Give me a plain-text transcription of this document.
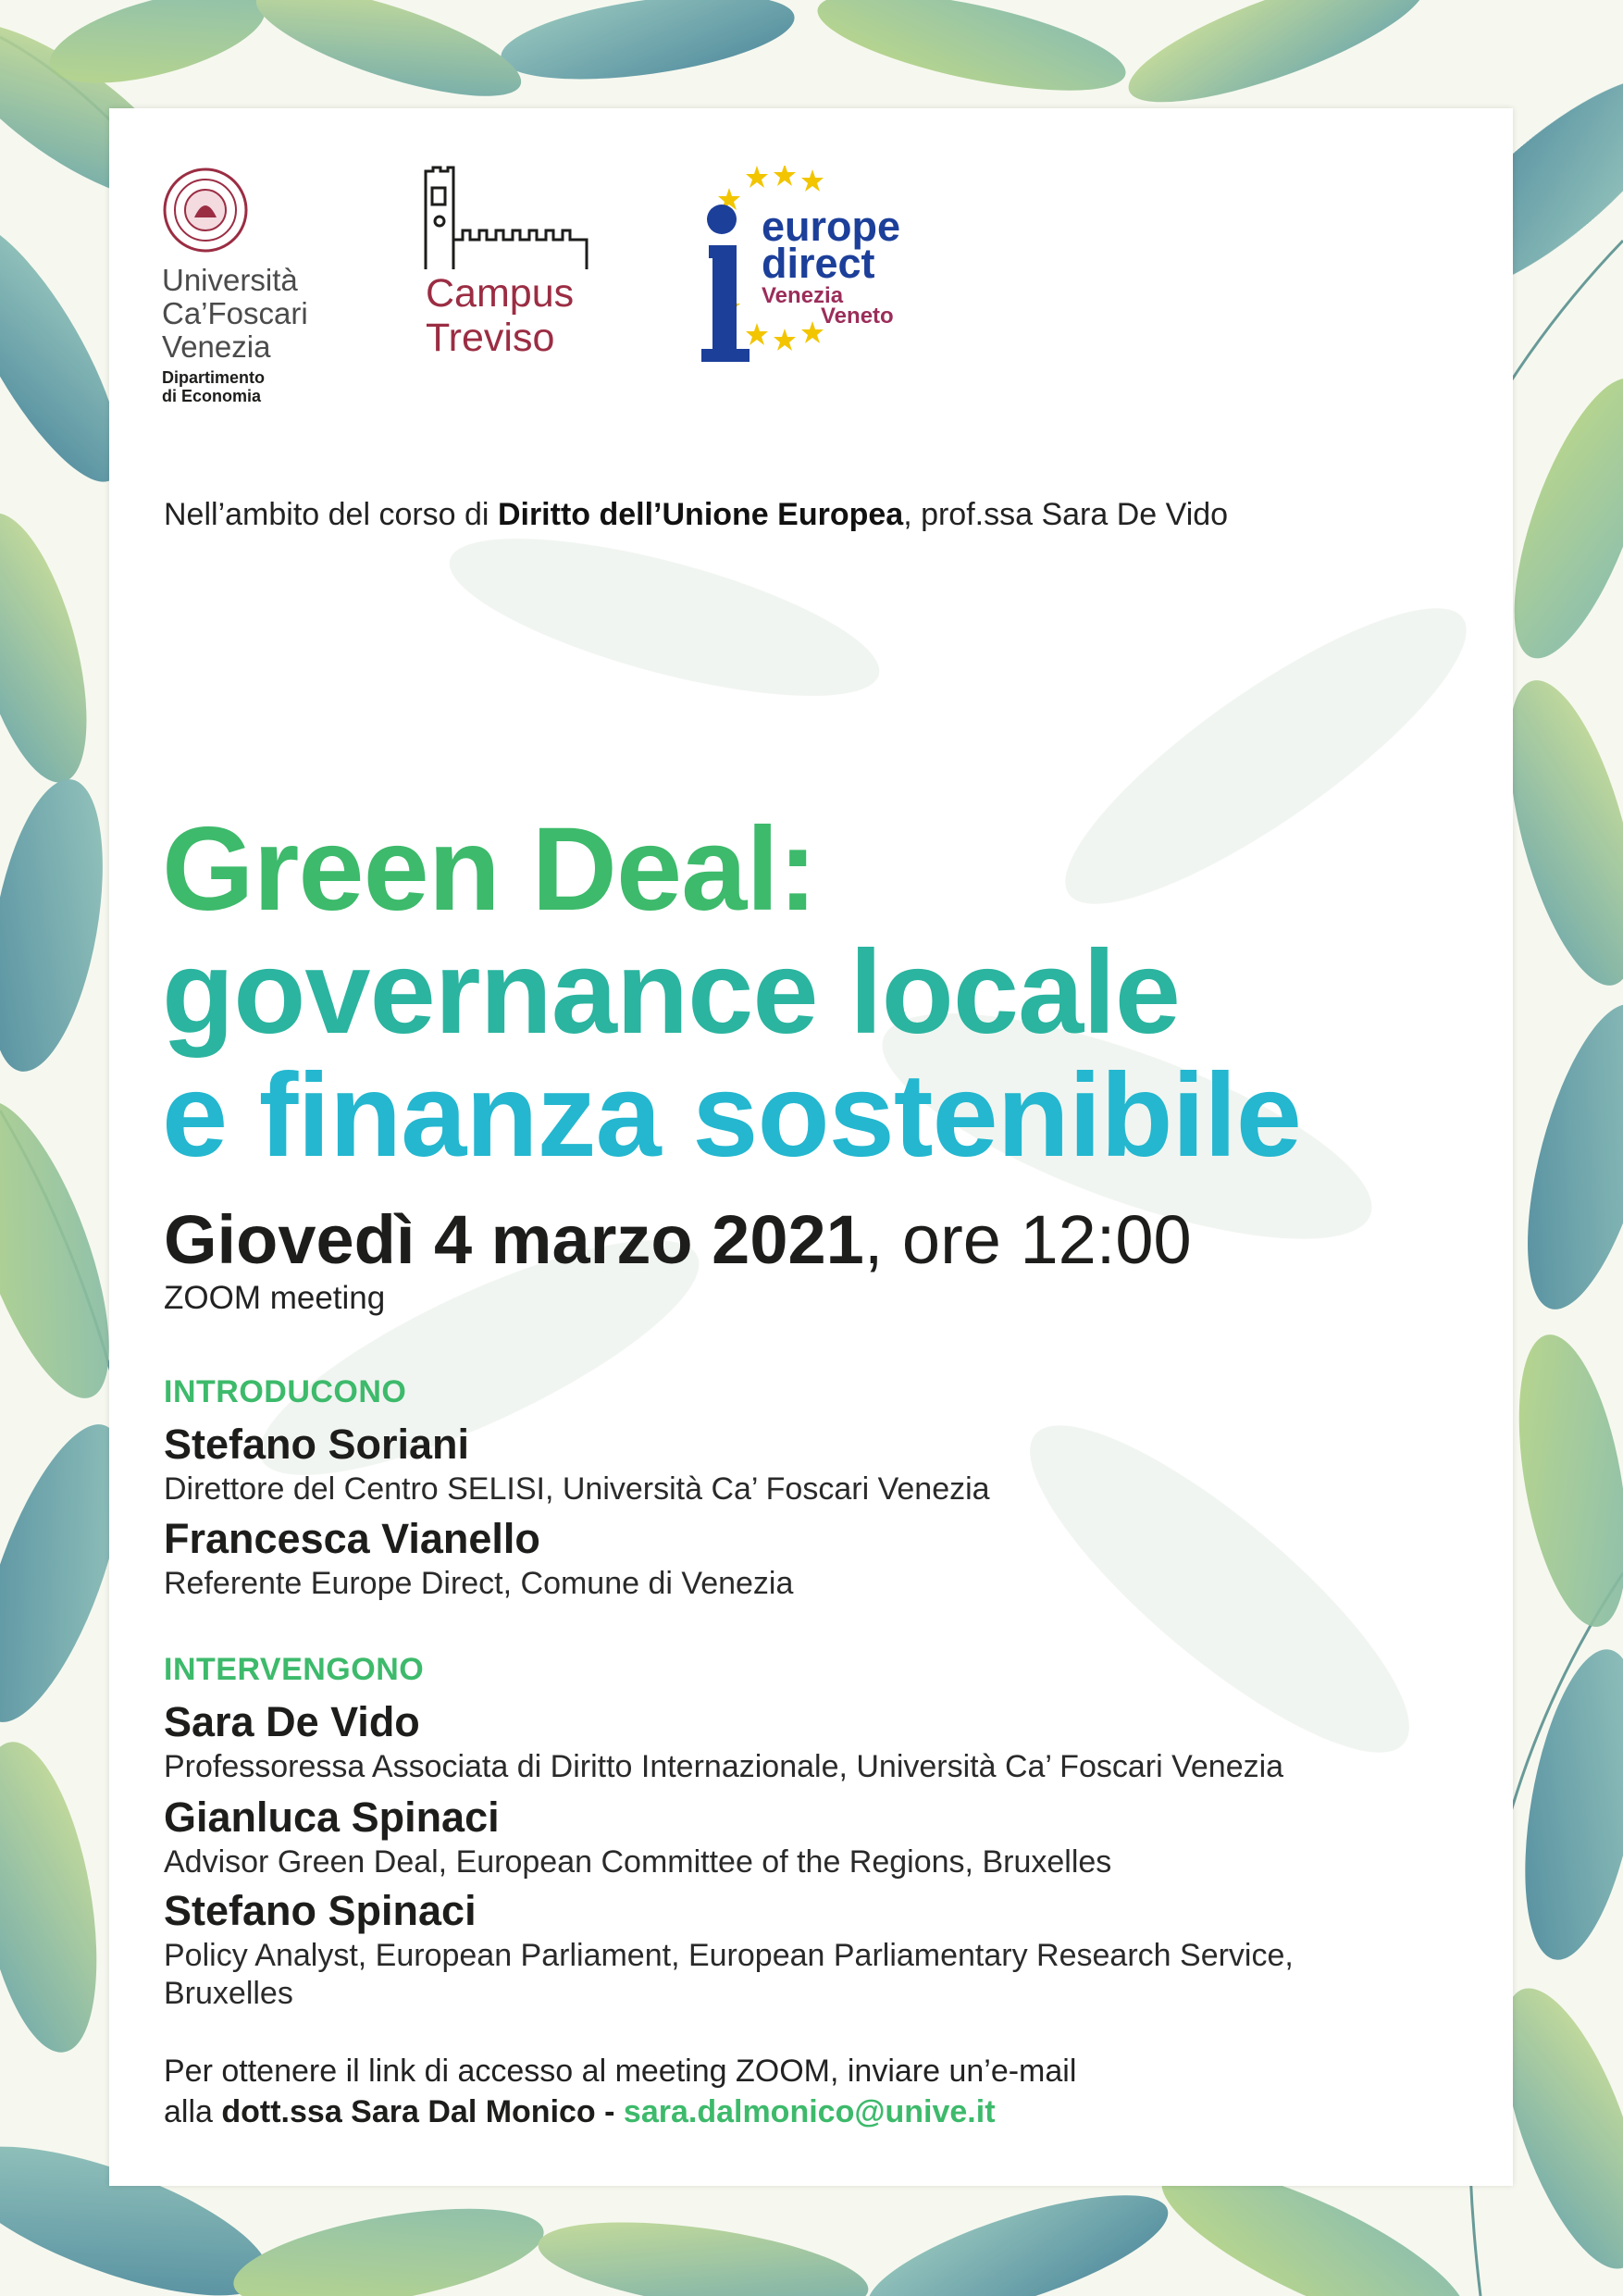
Università
Ca’Foscari
Venezia
Dipartimento
di Economia
Campus
Treviso
europe
direct
Venezia
Veneto
Nell’ambito del corso di Diritto dell’Unione Europea, prof.ssa Sara De Vido
Green Deal:
governance locale
e finanza sostenibile
Giovedì 4 marzo 2021, ore 12:00
ZOOM meeting
INTRODUCONO
Stefano Soriani
Direttore del Centro SELISI, Università Ca’ Foscari Venezia
Francesca Vianello
Referente Europe Direct, Comune di Venezia
INTERVENGONO
Sara De Vido
Professoressa Associata di Diritto Internazionale, Università Ca’ Foscari Venezia
Gianluca Spinaci
Advisor Green Deal, European Committee of the Regions, Bruxelles
Stefano Spinaci
Policy Analyst, European Parliament, European Parliamentary Research Service,
Bruxelles
Per ottenere il link di accesso al meeting ZOOM, inviare un’e-mail
alla dott.ssa Sara Dal Monico - sara.dalmonico@unive.it
